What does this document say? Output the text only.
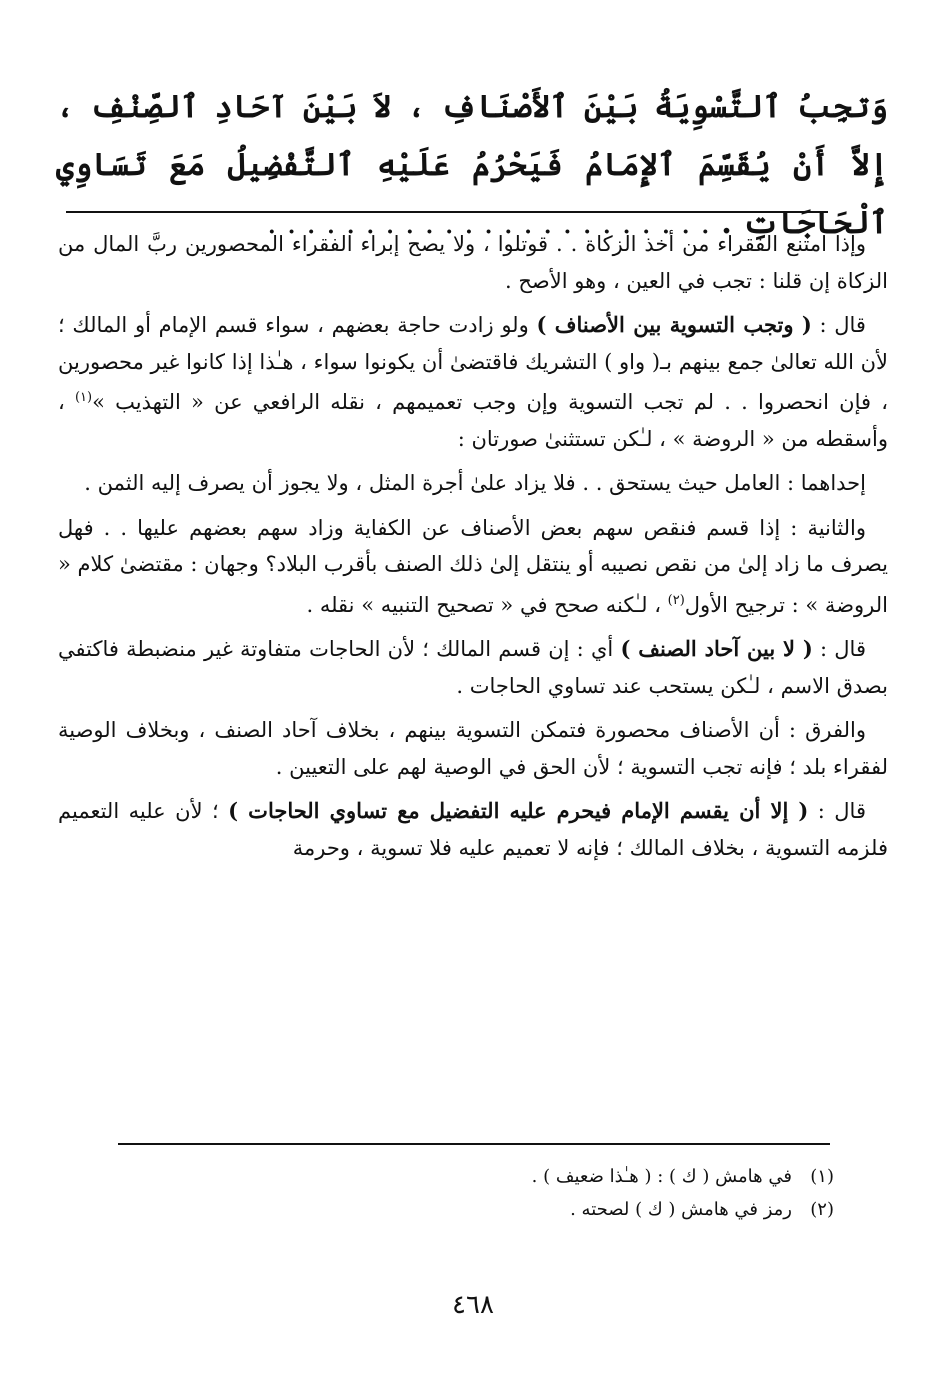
وَتجِبُ ٱلتَّسْوِيَةُ بَيْنَ ٱلأَصْنَافِ ، لاَ بَيْنَ آحَادِ ٱلصِّنْفِ ، إِلاَّ أَنْ يُقَسِّمَ ٱلإِمَامُ فَيَحْرُمُ عَلَيْهِ ٱلتَّفْضِيلُ مَعَ تَسَاوِي ٱلْحَاجَاتِ . . . . . . . . . . . . . . . . . . . . . . . .

وإذا امتنع الفقراء من أخذ الزكاة . . قوتلوا ، ولا يصح إبراء الفقراء المحصورين ربَّ المال من الزكاة إن قلنا : تجب في العين ، وهو الأصح .

قال : ( وتجب التسوية بين الأصناف ) ولو زادت حاجة بعضهم ، سواء قسم الإمام أو المالك ؛ لأن الله تعالىٰ جمع بينهم بـ( واو ) التشريك فاقتضىٰ أن يكونوا سواء ، هـٰذا إذا كانوا غير محصورين ، فإن انحصروا . . لم تجب التسوية وإن وجب تعميمهم ، نقله الرافعي عن « التهذيب »$^{(١)}$ ، وأسقطه من « الروضة » ، لـٰكن تستثنىٰ صورتان :

إحداهما : العامل حيث يستحق . . فلا يزاد علىٰ أجرة المثل ، ولا يجوز أن يصرف إليه الثمن .

والثانية : إذا قسم فنقص سهم بعض الأصناف عن الكفاية وزاد سهم بعضهم عليها . . فهل يصرف ما زاد إلىٰ من نقص نصيبه أو ينتقل إلىٰ ذلك الصنف بأقرب البلاد؟ وجهان : مقتضىٰ كلام « الروضة » : ترجيح الأول$^{(٢)}$ ، لـٰكنه صحح في « تصحيح التنبيه » نقله .

قال : ( لا بين آحاد الصنف ) أي : إن قسم المالك ؛ لأن الحاجات متفاوتة غير منضبطة فاكتفي بصدق الاسم ، لـٰكن يستحب عند تساوي الحاجات .

والفرق : أن الأصناف محصورة فتمكن التسوية بينهم ، بخلاف آحاد الصنف ، وبخلاف الوصية لفقراء بلد ؛ فإنه تجب التسوية ؛ لأن الحق في الوصية لهم على التعيين .

قال : ( إلا أن يقسم الإمام فيحرم عليه التفضيل مع تساوي الحاجات ) ؛ لأن عليه التعميم فلزمه التسوية ، بخلاف المالك ؛ فإنه لا تعميم عليه فلا تسوية ، وحرمة

(١)في هامش ( ك ) : ( هـٰذا ضعيف ) .
(٢)رمز في هامش ( ك ) لصحته .
٤٦٨
